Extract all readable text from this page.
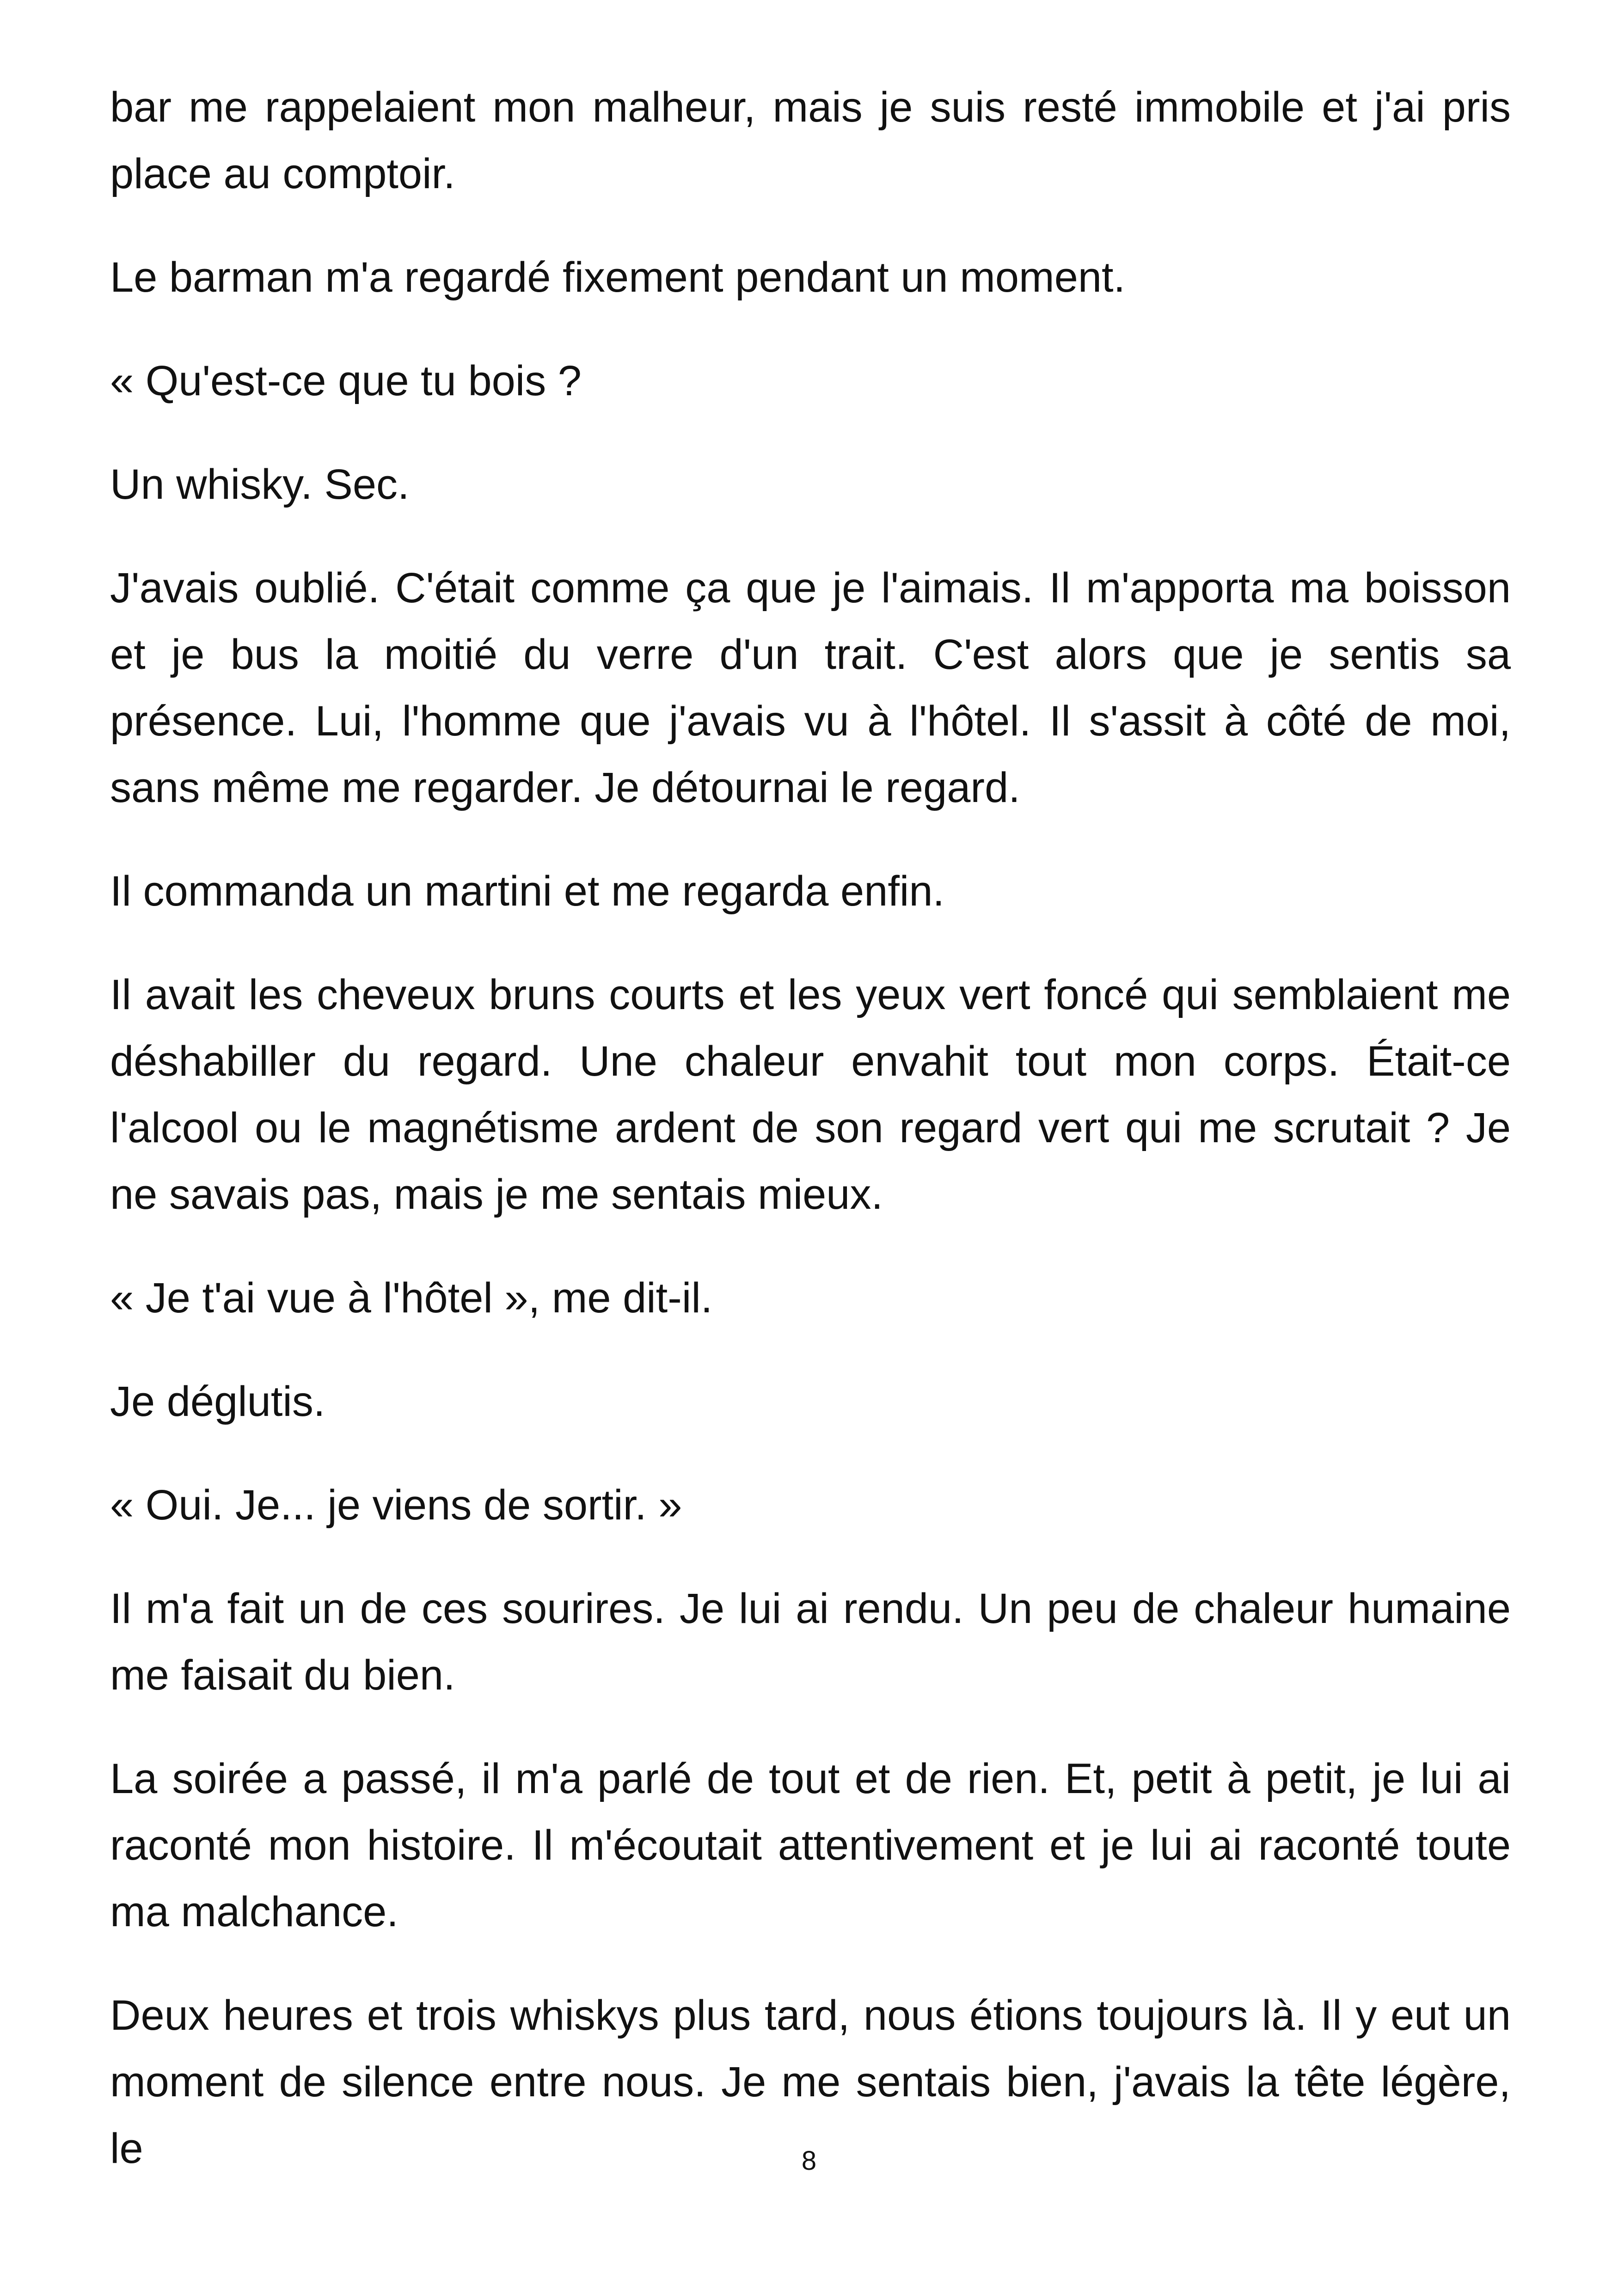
bar me rappelaient mon malheur, mais je suis resté immobile et j'ai pris place au comptoir.

Le barman m'a regardé fixement pendant un moment.

« Qu'est-ce que tu bois ?

Un whisky. Sec.

J'avais oublié. C'était comme ça que je l'aimais. Il m'apporta ma boisson et je bus la moitié du verre d'un trait. C'est alors que je sentis sa présence. Lui, l'homme que j'avais vu à l'hôtel. Il s'assit à côté de moi, sans même me regarder. Je détournai le regard.

Il commanda un martini et me regarda enfin.

Il avait les cheveux bruns courts et les yeux vert foncé qui semblaient me déshabiller du regard. Une chaleur envahit tout mon corps. Était-ce l'alcool ou le magnétisme ardent de son regard vert qui me scrutait ? Je ne savais pas, mais je me sentais mieux.

« Je t'ai vue à l'hôtel », me dit-il.

Je déglutis.

« Oui. Je... je viens de sortir. »

Il m'a fait un de ces sourires. Je lui ai rendu. Un peu de chaleur humaine me faisait du bien.

La soirée a passé, il m'a parlé de tout et de rien. Et, petit à petit, je lui ai raconté mon histoire. Il m'écoutait attentivement et je lui ai raconté toute ma malchance.

Deux heures et trois whiskys plus tard, nous étions toujours là. Il y eut un moment de silence entre nous. Je me sentais bien, j'avais la tête légère, le	8
